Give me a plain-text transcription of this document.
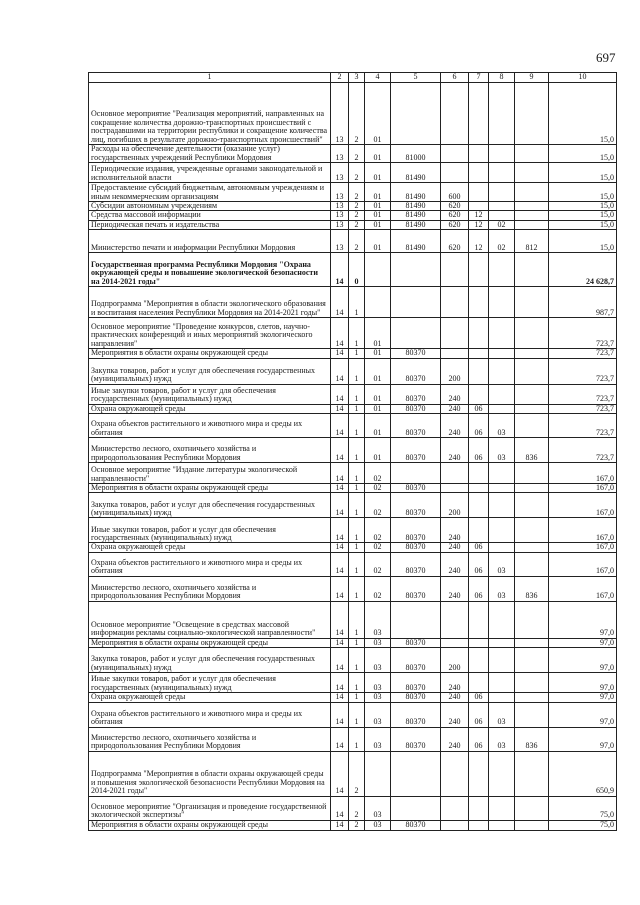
697
1	2	3	4	5	6	7	8	9	10
Основное мероприятие "Реализация мероприятий, направленных на сокращение количества дорожно-транспортных происшествий с пострадавшими на территории республики и сокращение количества лиц, погибших в результате дорожно-транспортных происшествий"	13	2	01						15,0
Расходы на обеспечение деятельности (оказание услуг) государственных учреждений Республики Мордовия	13	2	01	81000					15,0
Периодические издания, учрежденные органами законодательной и исполнительной власти	13	2	01	81490					15,0
Предоставление субсидий бюджетным, автономным учреждениям и иным некоммерческим организациям	13	2	01	81490	600				15,0
Субсидии автономным учреждениям	13	2	01	81490	620				15,0
Средства массовой информации	13	2	01	81490	620	12			15,0
Периодическая печать и издательства	13	2	01	81490	620	12	02		15,0
Министерство печати и информации Республики Мордовия	13	2	01	81490	620	12	02	812	15,0
Государственная программа Республики Мордовия "Охрана окружающей среды и повышение экологической безопасности на 2014-2021 годы"	14	0							24 628,7
Подпрограмма "Мероприятия в области экологического образования и воспитания населения Республики Мордовия на 2014-2021 годы"	14	1							987,7
Основное мероприятие "Проведение конкурсов, слетов, научно-практических конференций и иных мероприятий экологического направления"	14	1	01						723,7
Мероприятия в области охраны окружающей среды	14	1	01	80370					723,7
Закупка товаров, работ и услуг для обеспечения государственных (муниципальных) нужд	14	1	01	80370	200				723,7
Иные закупки товаров, работ и услуг для обеспечения государственных (муниципальных) нужд	14	1	01	80370	240				723,7
Охрана окружающей среды	14	1	01	80370	240	06			723,7
Охрана объектов растительного и животного мира и среды их обитания	14	1	01	80370	240	06	03		723,7
Министерство лесного, охотничьего хозяйства и природопользования Республики Мордовия	14	1	01	80370	240	06	03	836	723,7
Основное мероприятие "Издание литературы экологической направленности"	14	1	02						167,0
Мероприятия в области охраны окружающей среды	14	1	02	80370					167,0
Закупка товаров, работ и услуг для обеспечения государственных (муниципальных) нужд	14	1	02	80370	200				167,0
Иные закупки товаров, работ и услуг для обеспечения государственных (муниципальных) нужд	14	1	02	80370	240				167,0
Охрана окружающей среды	14	1	02	80370	240	06			167,0
Охрана объектов растительного и животного мира и среды их обитания	14	1	02	80370	240	06	03		167,0
Министерство лесного, охотничьего хозяйства и природопользования Республики Мордовия	14	1	02	80370	240	06	03	836	167,0
Основное мероприятие "Освещение в средствах массовой информации рекламы социально-экологической направленности"	14	1	03						97,0
Мероприятия в области охраны окружающей среды	14	1	03	80370					97,0
Закупка товаров, работ и услуг для обеспечения государственных (муниципальных) нужд	14	1	03	80370	200				97,0
Иные закупки товаров, работ и услуг для обеспечения государственных (муниципальных) нужд	14	1	03	80370	240				97,0
Охрана окружающей среды	14	1	03	80370	240	06			97,0
Охрана объектов растительного и животного мира и среды их обитания	14	1	03	80370	240	06	03		97,0
Министерство лесного, охотничьего хозяйства и природопользования Республики Мордовия	14	1	03	80370	240	06	03	836	97,0
Подпрограмма "Мероприятия в области охраны окружающей среды и повышения экологической безопасности Республики Мордовия на 2014-2021 годы"	14	2							650,9
Основное мероприятие "Организация и проведение государственной экологической экспертизы"	14	2	03						75,0
Мероприятия в области охраны окружающей среды	14	2	03	80370					75,0
